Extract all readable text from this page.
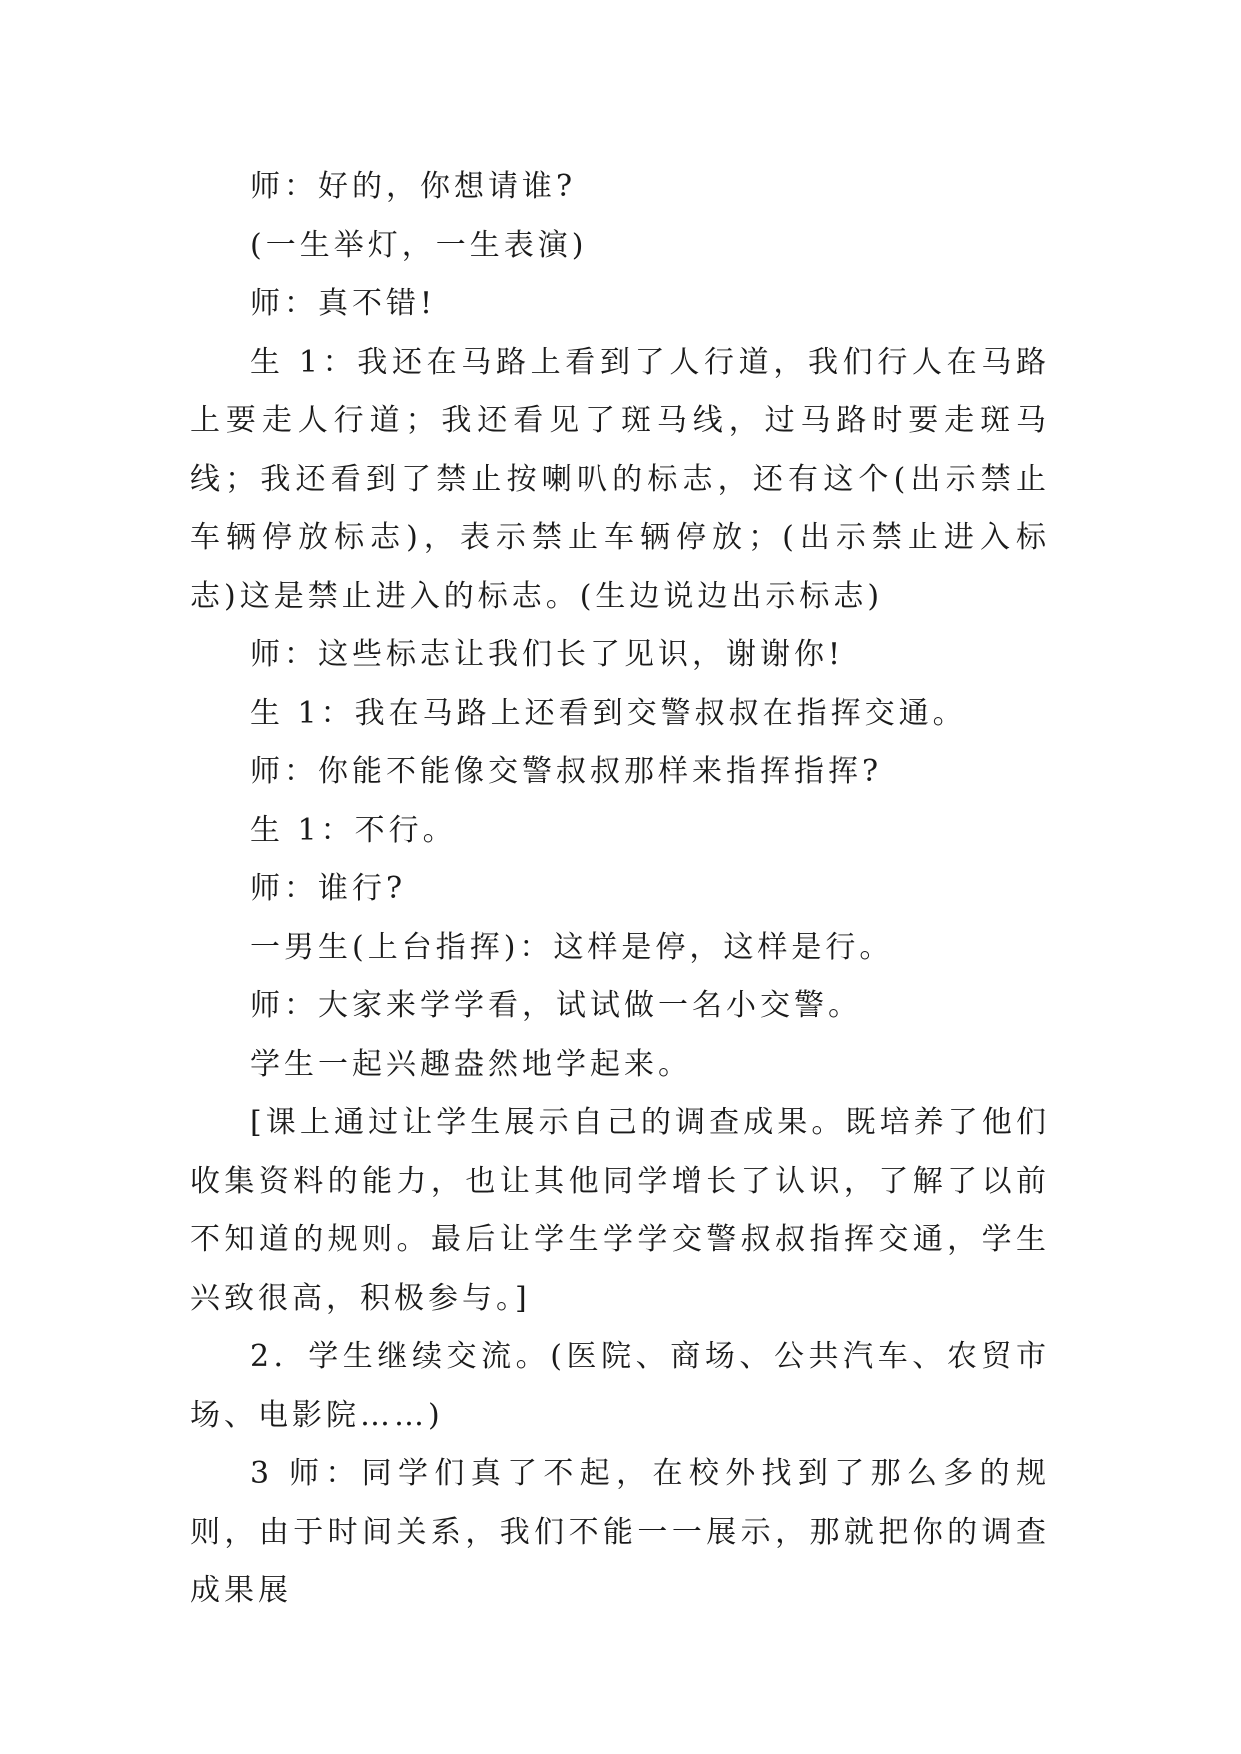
师：好的，你想请谁?

(一生举灯，一生表演)

师：真不错!

生 1：我还在马路上看到了人行道，我们行人在马路上要走人行道；我还看见了斑马线，过马路时要走斑马线；我还看到了禁止按喇叭的标志，还有这个(出示禁止车辆停放标志)，表示禁止车辆停放；(出示禁止进入标志)这是禁止进入的标志。(生边说边出示标志)

师：这些标志让我们长了见识，谢谢你!

生 1：我在马路上还看到交警叔叔在指挥交通。

师：你能不能像交警叔叔那样来指挥指挥?

生 1：不行。

师：谁行?

一男生(上台指挥)：这样是停，这样是行。

师：大家来学学看，试试做一名小交警。

学生一起兴趣盎然地学起来。

[课上通过让学生展示自己的调查成果。既培养了他们收集资料的能力，也让其他同学增长了认识，了解了以前不知道的规则。最后让学生学学交警叔叔指挥交通，学生兴致很高，积极参与。]

2．学生继续交流。(医院、商场、公共汽车、农贸市场、电影院……)

3 师：同学们真了不起，在校外找到了那么多的规则，由于时间关系，我们不能一一展示，那就把你的调查成果展
